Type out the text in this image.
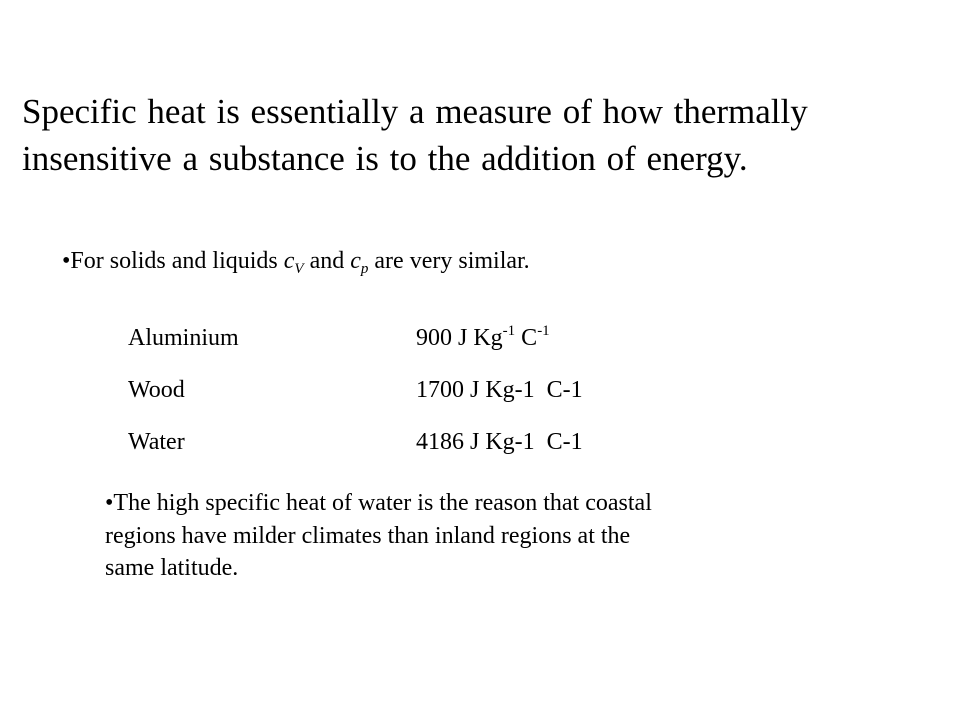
Specific heat is essentially a measure of how thermally
insensitive a substance is to the addition of energy.
•For solids and liquids $c_V$ and $c_p$ are very similar.
Aluminium	900 J $Kg^{-1}$ $C^{-1}$
Wood	1700 J Kg-1  C-1
Water	4186 J Kg-1  C-1
•The high specific heat of water is the reason that coastal
regions have milder climates than inland regions at the
same latitude.
